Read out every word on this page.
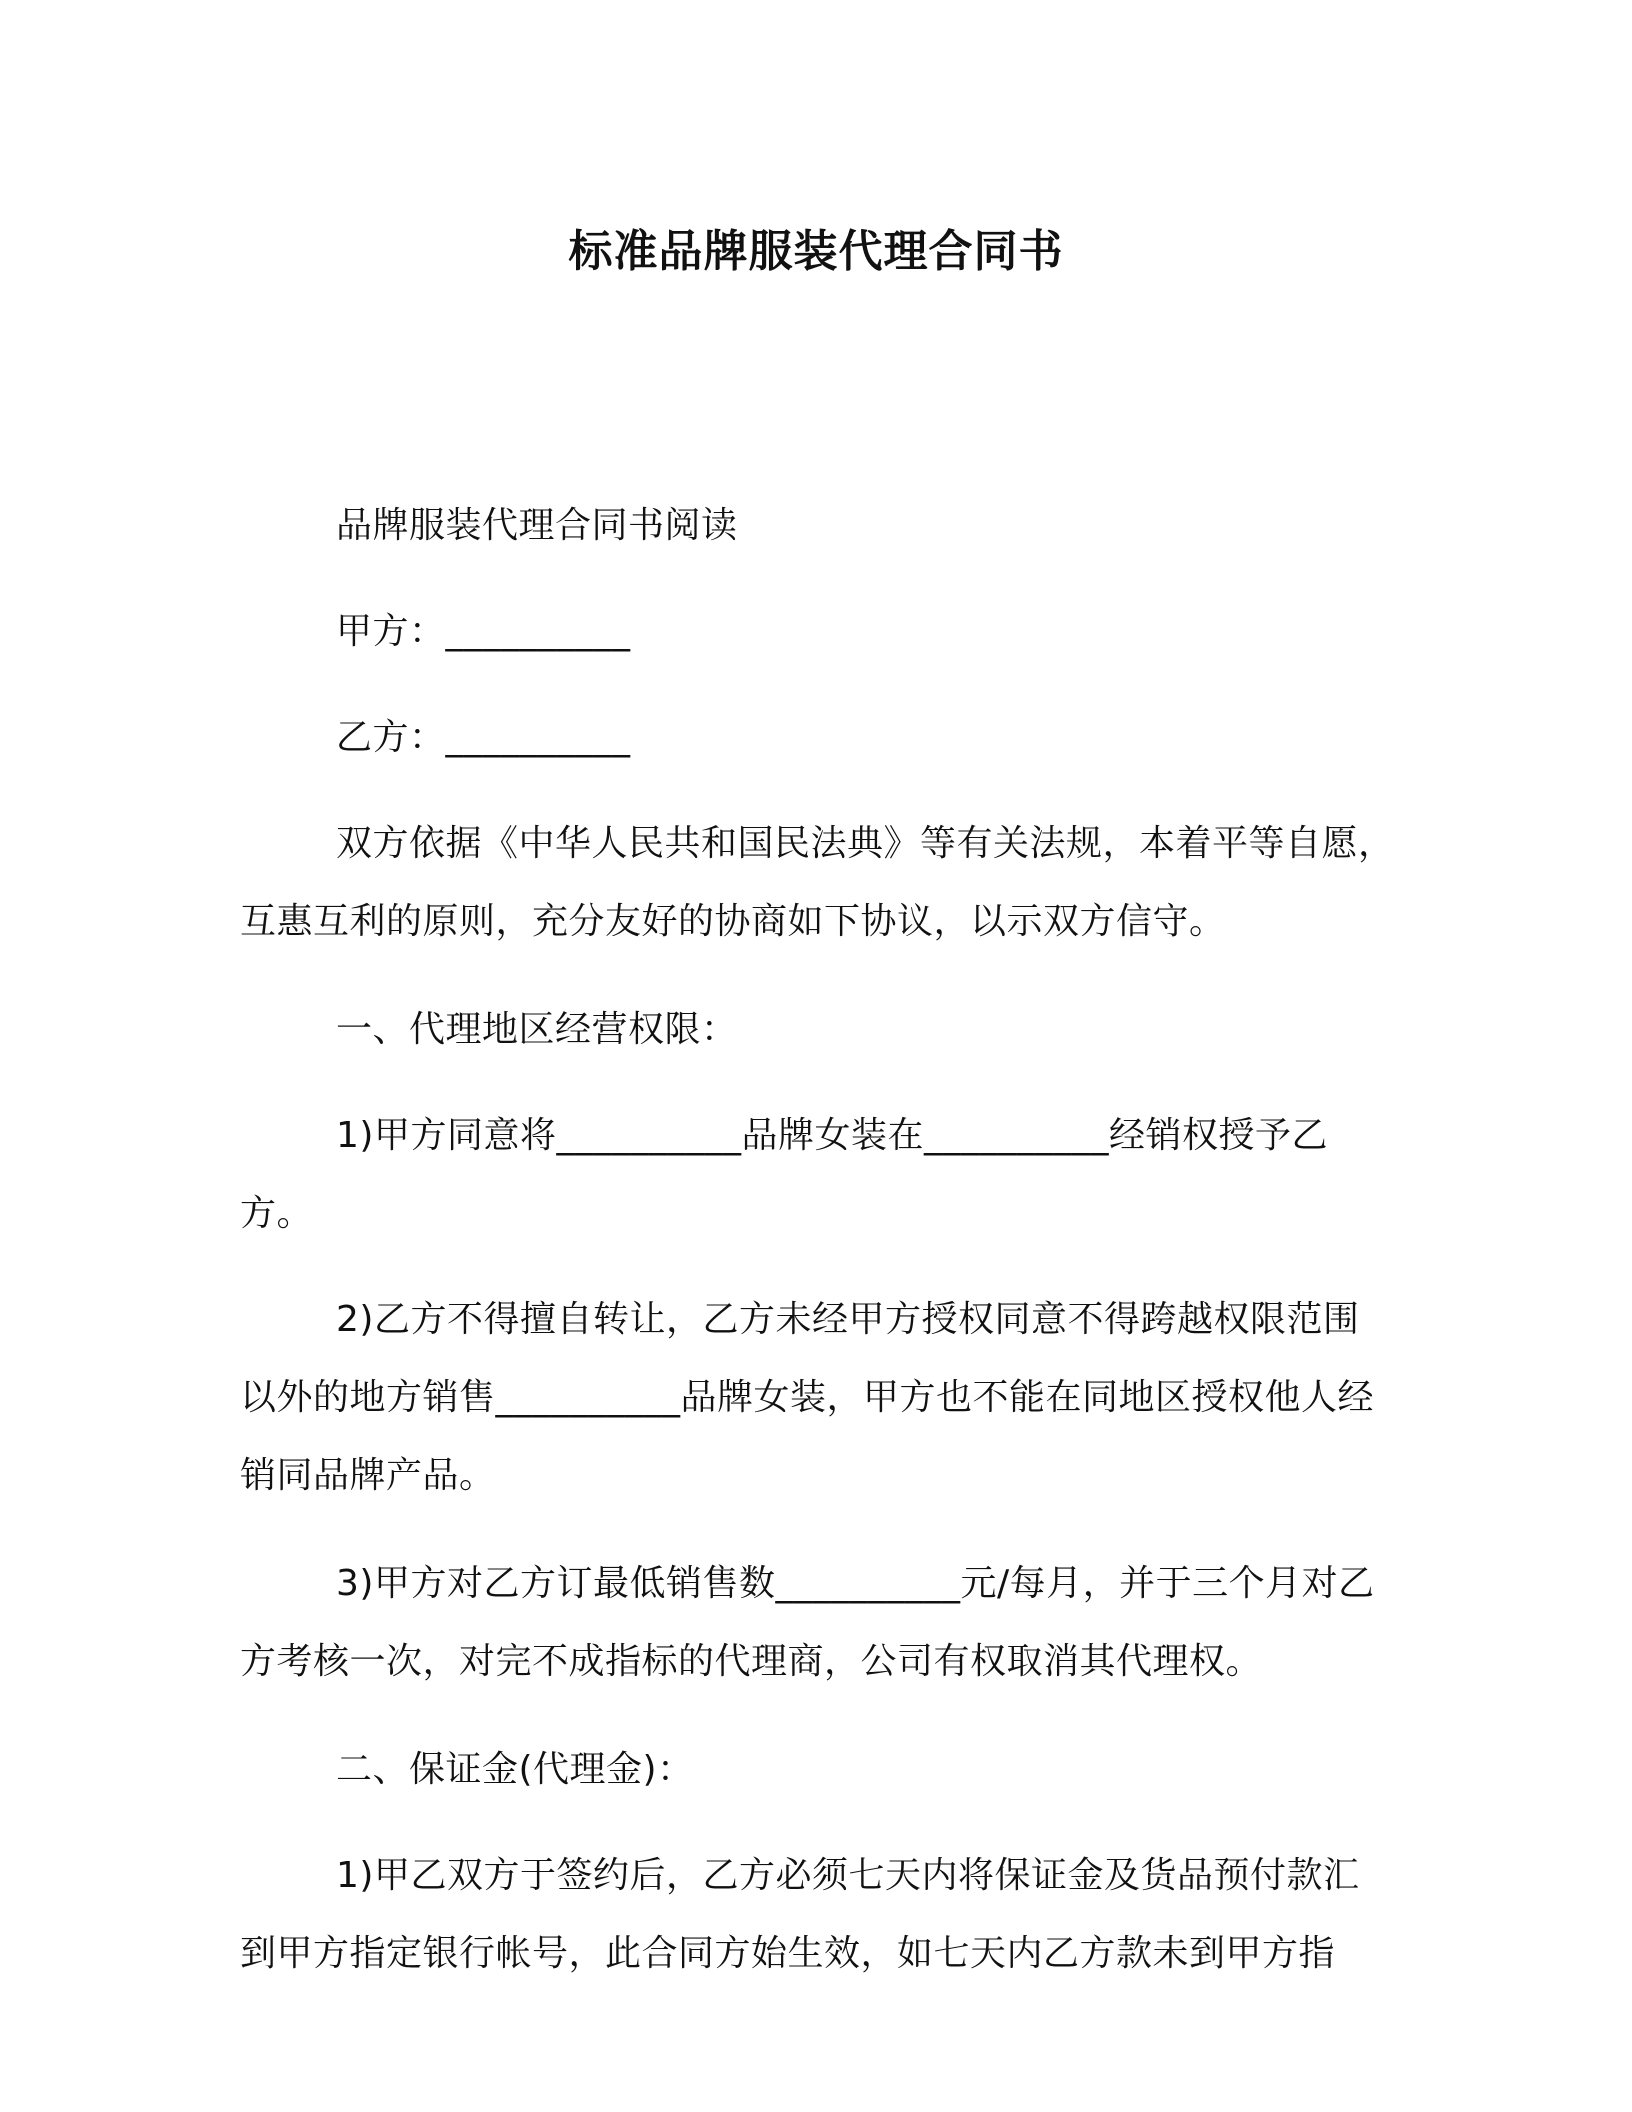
标准品牌服装代理合同书

品牌服装代理合同书阅读

甲方：__________

乙方：__________

双方依据《中华人民共和国民法典》等有关法规，本着平等自愿，互惠互利的原则，充分友好的协商如下协议，以示双方信守。

一、代理地区经营权限：

1)甲方同意将__________品牌女装在__________经销权授予乙方。

2)乙方不得擅自转让，乙方未经甲方授权同意不得跨越权限范围以外的地方销售__________品牌女装，甲方也不能在同地区授权他人经销同品牌产品。

3)甲方对乙方订最低销售数__________元/每月，并于三个月对乙方考核一次，对完不成指标的代理商，公司有权取消其代理权。

二、保证金(代理金)：

1)甲乙双方于签约后，乙方必须七天内将保证金及货品预付款汇到甲方指定银行帐号，此合同方始生效，如七天内乙方款未到甲方指
